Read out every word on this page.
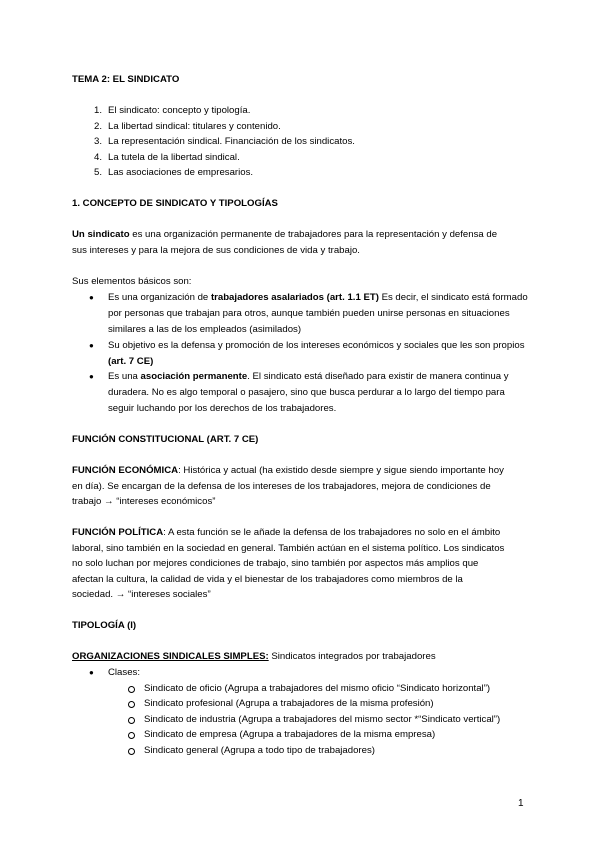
TEMA 2: EL SINDICATO
1. El sindicato: concepto y tipología.
2. La libertad sindical: titulares y contenido.
3. La representación sindical. Financiación de los sindicatos.
4. La tutela de la libertad sindical.
5. Las asociaciones de empresarios.
1. CONCEPTO DE SINDICATO Y TIPOLOGÍAS
Un sindicato es una organización permanente de trabajadores para la representación y defensa de
sus intereses y para la mejora de sus condiciones de vida y trabajo.
Sus elementos básicos son:
● Es una organización de trabajadores asalariados (art. 1.1 ET) Es decir, el sindicato está formado por personas que trabajan para otros, aunque también pueden unirse personas en situaciones similares a las de los empleados (asimilados)
● Su objetivo es la defensa y promoción de los intereses económicos y sociales que les son propios (art. 7 CE)
● Es una asociación permanente. El sindicato está diseñado para existir de manera continua y duradera. No es algo temporal o pasajero, sino que busca perdurar a lo largo del tiempo para seguir luchando por los derechos de los trabajadores.
FUNCIÓN CONSTITUCIONAL (ART. 7 CE)
FUNCIÓN ECONÓMICA: Histórica y actual (ha existido desde siempre y sigue siendo importante hoy
en día). Se encargan de la defensa de los intereses de los trabajadores, mejora de condiciones de
trabajo → “intereses económicos”
FUNCIÓN POLÍTICA: A esta función se le añade la defensa de los trabajadores no solo en el ámbito
laboral, sino también en la sociedad en general. También actúan en el sistema político. Los sindicatos
no solo luchan por mejores condiciones de trabajo, sino también por aspectos más amplios que
afectan la cultura, la calidad de vida y el bienestar de los trabajadores como miembros de la
sociedad. → “intereses sociales”
TIPOLOGÍA (I)
ORGANIZACIONES SINDICALES SIMPLES: Sindicatos integrados por trabajadores
● Clases:
Sindicato de oficio (Agrupa a trabajadores del mismo oficio “Sindicato horizontal”)
Sindicato profesional (Agrupa a trabajadores de la misma profesión)
Sindicato de industria (Agrupa a trabajadores del mismo sector *“Sindicato vertical”)
Sindicato de empresa (Agrupa a trabajadores de la misma empresa)
Sindicato general (Agrupa a todo tipo de trabajadores)
1
